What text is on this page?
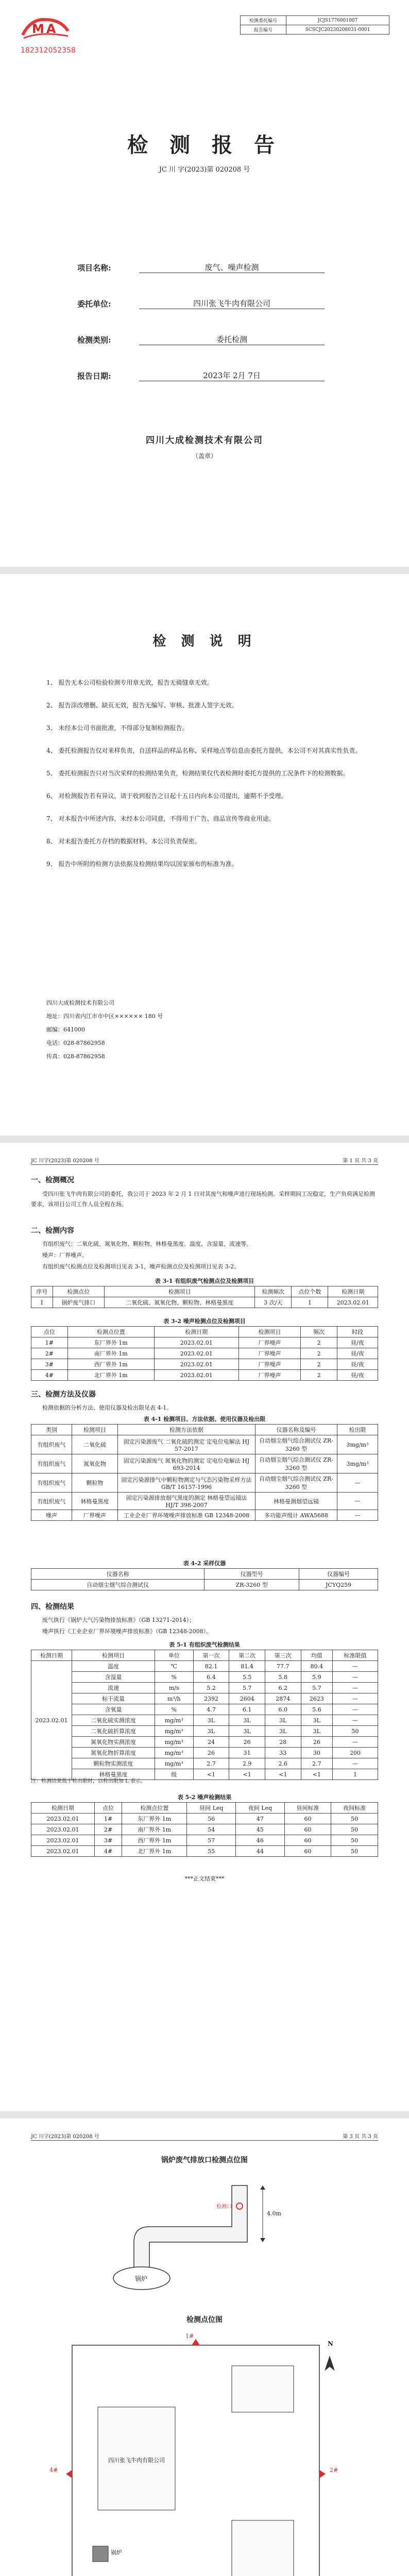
MA
182312052358
检测委托编号	JCJS1776001007
报告编号	SCSCJC20230208031-0001
检 测 报 告
JC 川 字(2023)第 020208 号
项目名称:	废气、噪声检测
委托单位:	四川张飞牛肉有限公司
检测类别:	委托检测
报告日期:	2023年 2月 7日
四川大成检测技术有限公司
（盖章）
检 测 说 明
1、 报告无本公司检验检测专用章无效，报告无骑缝章无效。
2、 报告涂改增删、缺页无效，报告无编写、审核、批准人签字无效。
3、 未经本公司书面批准，不得部分复制检测报告。
4、 委托检测报告仅对来样负责，自送样品的样品名称、采样地点等信息由委托方提供，本公司不对其真实性负责。
5、 委托检测报告只对当次采样的检测结果负责，检测结果仅代表检测时委托方提供的工况条件下的检测数据。
6、 对检测报告若有异议，请于收到报告之日起十五日内向本公司提出，逾期不予受理。
7、 对本报告中所述内容，未经本公司同意，不得用于广告、商品宣传等商业用途。
8、 对未报告委托方存档的数据材料，本公司负责保密。
9、 报告中所附的检测方法依据及检测结果均以国家颁布的标准为准。
四川大成检测技术有限公司
地址：四川省内江市市中区×××××× 180 号
邮编：641000
电话：028-87862958
传真：028-87862958
JC 川字(2023)第 020208 号	第 1 页 共 3 页
一、检测概况
受四川张飞牛肉有限公司的委托，我公司于 2023 年 2 月 1 日对其废气和噪声进行现场检测。采样期间工况稳定，生产负荷满足检测要求，该项目公司工作人员全程在场。
二、检测内容
有组织废气：二氧化硫、氮氧化物、颗粒物、林格曼黑度、温度、含湿量、流速等。
噪声：厂界噪声。
有组织废气检测点位及检测项目见表 3-1，噪声检测点位及检测项目见表 3-2。
表 3-1 有组织废气检测点位及检测项目
序号	检测点位	检测项目	检测频次	点位个数	检测日期
1	锅炉废气排口	二氧化硫、氮氧化物、颗粒物、林格曼黑度	3 次/天	1	2023.02.01
表 3-2 噪声检测点位及检测项目
点位	检测点位置	检测日期	检测项目	频次	时段
1#	东厂界外 1m	2023.02.01	厂界噪声	2	昼/夜
2#	南厂界外 1m	2023.02.01	厂界噪声	2	昼/夜
3#	西厂界外 1m	2023.02.01	厂界噪声	2	昼/夜
4#	北厂界外 1m	2023.02.01	厂界噪声	2	昼/夜
三、检测方法及仪器
检测依据的分析方法、使用仪器及检出限见表 4-1。
表 4-1 检测项目、方法依据、使用仪器及检出限
类别	检测项目	检测方法依据	仪器名称及编号	检出限
有组织废气	二氧化硫	固定污染源废气 二氧化硫的测定 定电位电解法 HJ 57-2017	自动烟尘烟气综合测试仪 ZR-3260 型	3mg/m³
有组织废气	氮氧化物	固定污染源废气 氮氧化物的测定 定电位电解法 HJ 693-2014	自动烟尘烟气综合测试仪 ZR-3260 型	3mg/m³
有组织废气	颗粒物	固定污染源排气中颗粒物测定与气态污染物采样方法 GB/T 16157-1996	自动烟尘烟气综合测试仪 ZR-3260 型	—
有组织废气	林格曼黑度	固定污染源排放烟气黑度的测定 林格曼望远镜法 HJ/T 398-2007	林格曼测烟望远镜	—
噪声	厂界噪声	工业企业厂界环境噪声排放标准 GB 12348-2008	多功能声级计 AWA5688	—
表 4-2 采样仪器
仪器名称	仪器型号	仪器编号
自动烟尘烟气综合测试仪	ZR-3260 型	JCYQ259
四、检测结果
废气执行《锅炉大气污染物排放标准》（GB 13271-2014）；
噪声执行《工业企业厂界环境噪声排放标准》（GB 12348-2008）。
表 5-1 有组织废气检测结果
检测日期	检测项目	单位	第一次	第二次	第三次	均值	标准限值
2023.02.01	温度	℃	82.1	81.4	77.7	80.4	—
	含湿量	%	6.4	5.5	5.8	5.9	—
	流速	m/s	5.2	5.7	6.2	5.7	—
	标干流量	m³/h	2392	2604	2874	2623	—
	含氧量	%	4.7	6.1	6.0	5.6	—
	二氧化硫实测浓度	mg/m³	3L	3L	3L	3L	—
	二氧化硫折算浓度	mg/m³	3L	3L	3L	3L	50
	氮氧化物实测浓度	mg/m³	24	26	28	26	—
	氮氧化物折算浓度	mg/m³	26	31	33	30	200
	颗粒物实测浓度	mg/m³	2.7	2.9	2.6	2.7	—
	林格曼黑度	级	<1	<1	<1	<1	1
注：检测结果低于检出限时，以检出限加 L 表示。
表 5-2 噪声检测结果
检测日期	点位	检测点位置	昼间 Leq	夜间 Leq	昼间标准	夜间标准
2023.02.01	1#	东厂界外 1m	56	47	60	50
2023.02.01	2#	南厂界外 1m	54	45	60	50
2023.02.01	3#	西厂界外 1m	57	46	60	50
2023.02.01	4#	北厂界外 1m	55	44	60	50
***正文结束***
JC 川字(2023)第 020208 号	第 3 页 共 3 页
锅炉废气排放口检测点位图
4.0m
锅炉
检测口
检测点位图
N
1#
2#
4#
四川张飞牛肉有限公司
锅炉
